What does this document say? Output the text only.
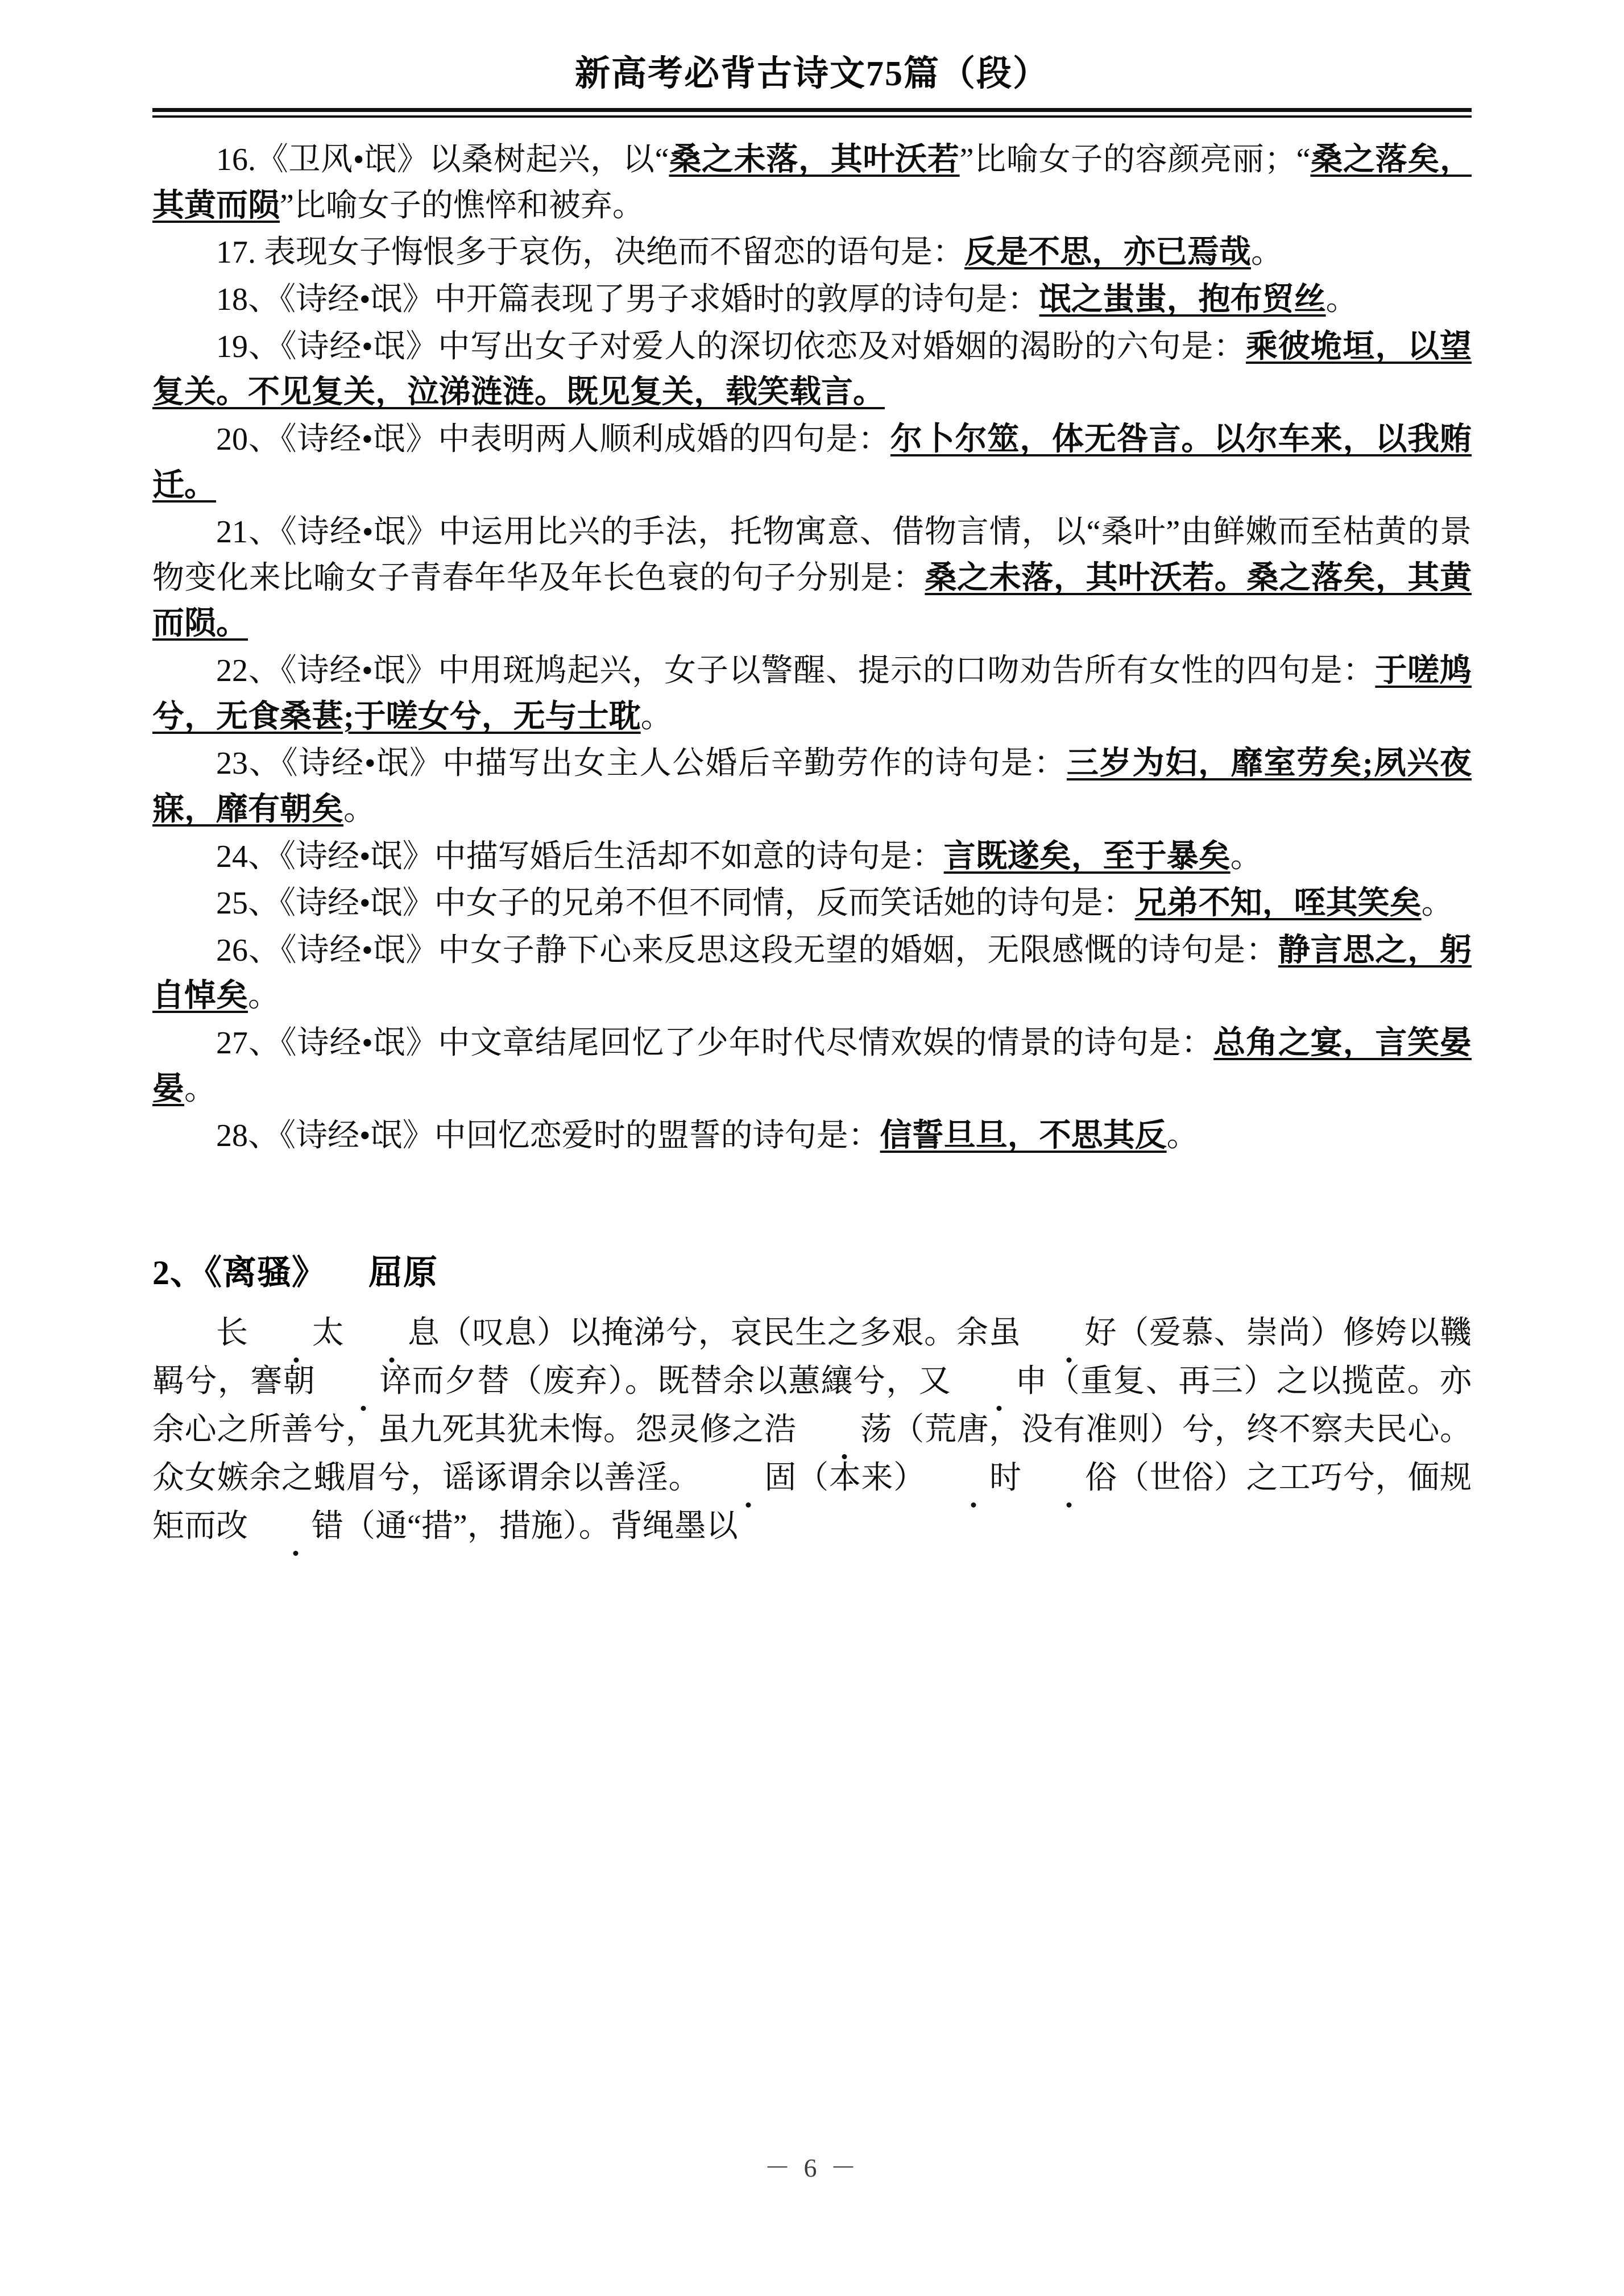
新高考必背古诗文75篇（段）

16.《卫风•氓》以桑树起兴，以“桑之未落，其叶沃若”比喻女子的容颜亮丽；“桑之落矣，其黄而陨”比喻女子的憔悴和被弃。

17. 表现女子悔恨多于哀伤，决绝而不留恋的语句是：反是不思，亦已焉哉。

18、《诗经•氓》中开篇表现了男子求婚时的敦厚的诗句是：氓之蚩蚩，抱布贸丝。

19、《诗经•氓》中写出女子对爱人的深切依恋及对婚姻的渴盼的六句是：乘彼垝垣，以望复关。不见复关，泣涕涟涟。既见复关，载笑载言。

20、《诗经•氓》中表明两人顺利成婚的四句是：尔卜尔筮，体无咎言。以尔车来，以我贿迁。

21、《诗经•氓》中运用比兴的手法，托物寓意、借物言情，以“桑叶”由鲜嫩而至枯黄的景物变化来比喻女子青春年华及年长色衰的句子分别是：桑之未落，其叶沃若。桑之落矣，其黄而陨。

22、《诗经•氓》中用斑鸠起兴，女子以警醒、提示的口吻劝告所有女性的四句是：于嗟鸠兮，无食桑葚;于嗟女兮，无与士耽。

23、《诗经•氓》中描写出女主人公婚后辛勤劳作的诗句是：三岁为妇，靡室劳矣;夙兴夜寐，靡有朝矣。

24、《诗经•氓》中描写婚后生活却不如意的诗句是：言既遂矣，至于暴矣。

25、《诗经•氓》中女子的兄弟不但不同情，反而笑话她的诗句是：兄弟不知，咥其笑矣。

26、《诗经•氓》中女子静下心来反思这段无望的婚姻，无限感慨的诗句是：静言思之，躬自悼矣。

27、《诗经•氓》中文章结尾回忆了少年时代尽情欢娱的情景的诗句是：总角之宴，言笑晏晏。

28、《诗经•氓》中回忆恋爱时的盟誓的诗句是：信誓旦旦，不思其反。

2、《离骚》 屈原

长 太 息（叹息）以掩涕兮，哀民生之多艰。余虽 好（爱慕、崇尚）修姱以鞿羁兮，謇朝 谇而夕替（废弃）。既替余以蕙纕兮，又 申（重复、再三）之以揽茝。亦余心之所善兮，虽九死其犹未悔。怨灵修之浩 荡（荒唐，没有准则）兮，终不察夫民心。众女嫉余之蛾眉兮，谣诼谓余以善淫。 固（本来） 时 俗（世俗）之工巧兮，偭规矩而改 错（通“措”，措施）。背绳墨以

－ 6 －
